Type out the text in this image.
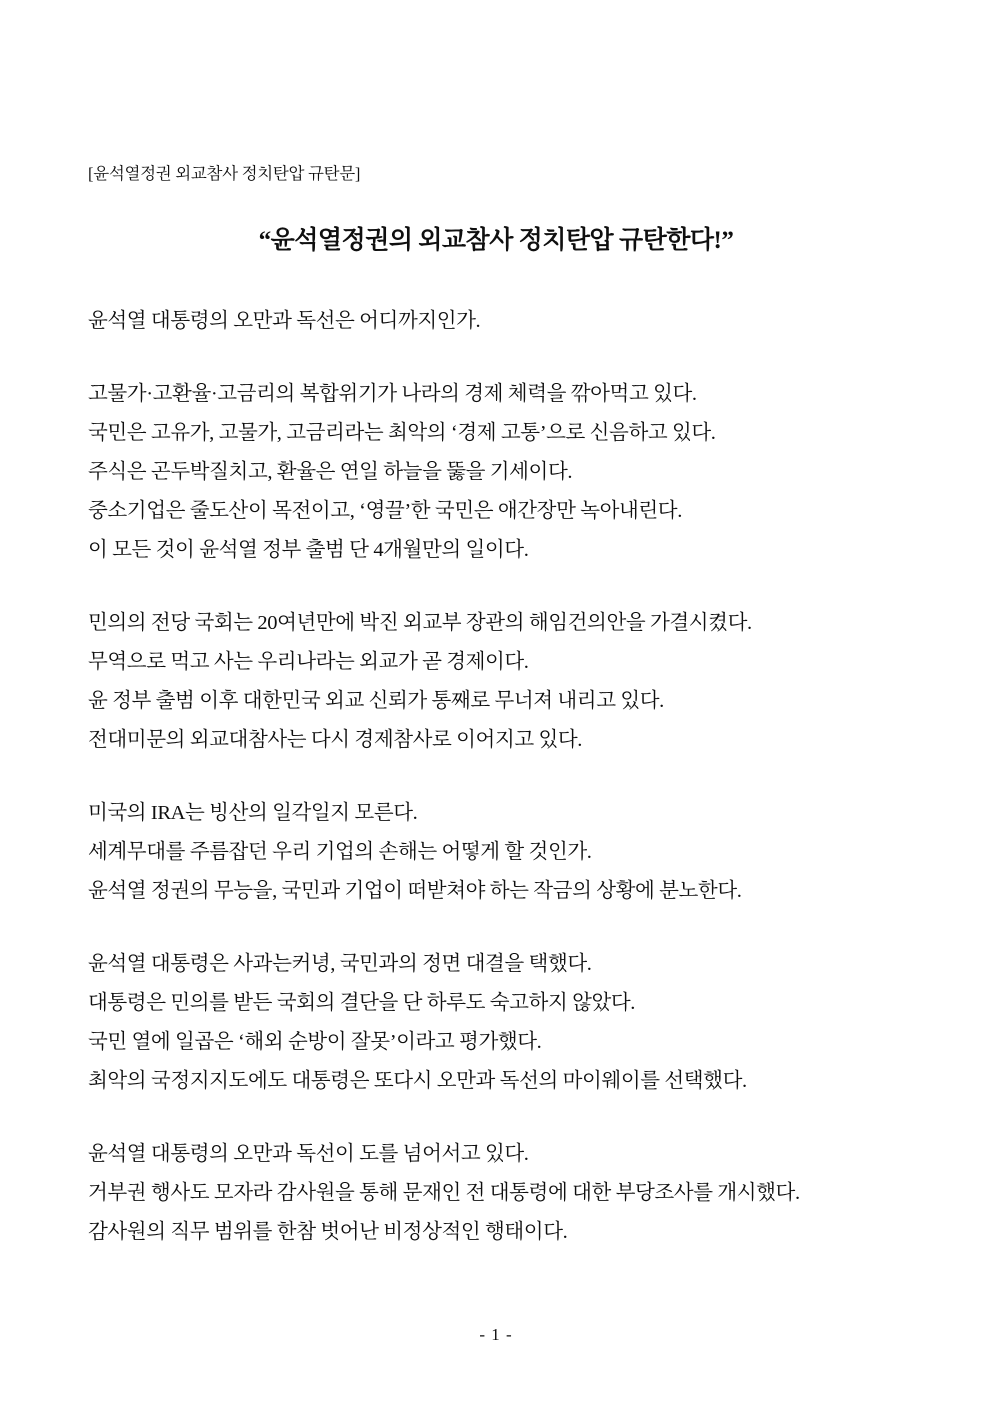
[윤석열정권 외교참사 정치탄압 규탄문]
“윤석열정권의 외교참사 정치탄압 규탄한다!”
윤석열 대통령의 오만과 독선은 어디까지인가.
고물가·고환율·고금리의 복합위기가 나라의 경제 체력을 깎아먹고 있다.
국민은 고유가, 고물가, 고금리라는 최악의 ‘경제 고통’으로 신음하고 있다.
주식은 곤두박질치고, 환율은 연일 하늘을 뚫을 기세이다.
중소기업은 줄도산이 목전이고, ‘영끌’한 국민은 애간장만 녹아내린다.
이 모든 것이 윤석열 정부 출범 단 4개월만의 일이다.
민의의 전당 국회는 20여년만에 박진 외교부 장관의 해임건의안을 가결시켰다.
무역으로 먹고 사는 우리나라는 외교가 곧 경제이다.
윤 정부 출범 이후 대한민국 외교 신뢰가 통째로 무너져 내리고 있다.
전대미문의 외교대참사는 다시 경제참사로 이어지고 있다.
미국의 IRA는 빙산의 일각일지 모른다.
세계무대를 주름잡던 우리 기업의 손해는 어떻게 할 것인가.
윤석열 정권의 무능을, 국민과 기업이 떠받쳐야 하는 작금의 상황에 분노한다.
윤석열 대통령은 사과는커녕, 국민과의 정면 대결을 택했다.
대통령은 민의를 받든 국회의 결단을 단 하루도 숙고하지 않았다.
국민 열에 일곱은 ‘해외 순방이 잘못’이라고 평가했다.
최악의 국정지지도에도 대통령은 또다시 오만과 독선의 마이웨이를 선택했다.
윤석열 대통령의 오만과 독선이 도를 넘어서고 있다.
거부권 행사도 모자라 감사원을 통해 문재인 전 대통령에 대한 부당조사를 개시했다.
감사원의 직무 범위를 한참 벗어난 비정상적인 행태이다.
- 1 -
